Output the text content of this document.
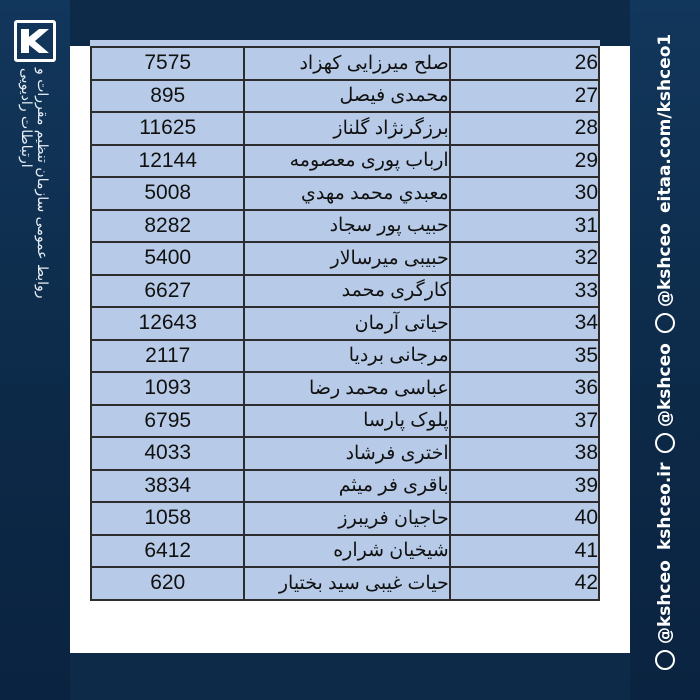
روابط عمومی سازمان تنظیم مقررات و ارتباطات رادیویی
@kshceo
kshceo.ir
@kshceo
@kshceo
eitaa.com/kshceo1
7575	صلح میرزایی کهزاد	26
895	محمدی فیصل	27
11625	برزگرنژاد گلناز	28
12144	ارباب پوری معصومه	29
5008	معبدي محمد مهدي	30
8282	حبیب پور سجاد	31
5400	حبیبی میرسالار	32
6627	کارگری محمد	33
12643	حیاتی آرمان	34
2117	مرجانی بردیا	35
1093	عباسی محمد رضا	36
6795	پلوک پارسا	37
4033	اختری فرشاد	38
3834	باقری فر میثم	39
1058	حاجیان فریبرز	40
6412	شیخیان شراره	41
620	حیات غیبی سید بختیار	42
